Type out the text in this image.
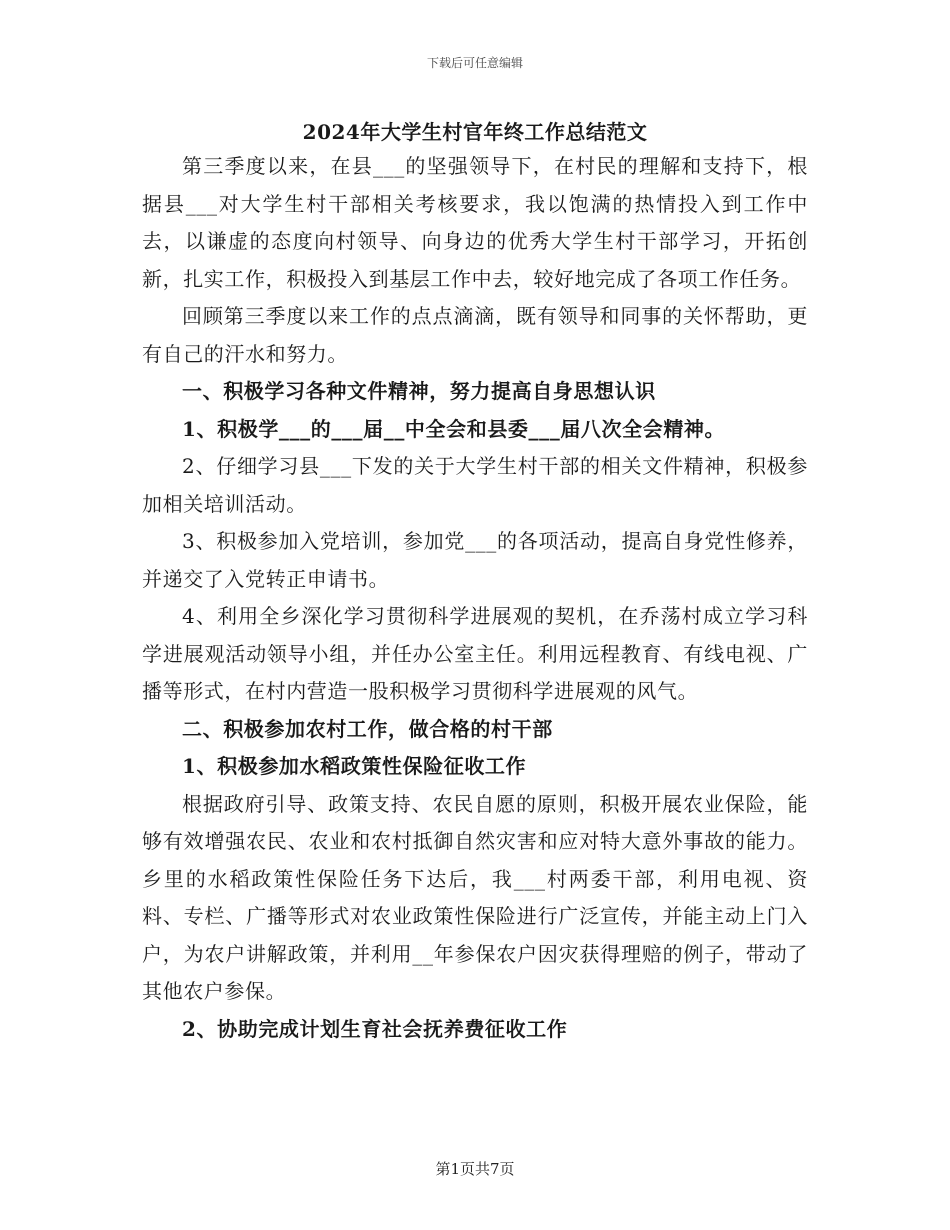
下载后可任意编辑
2024年大学生村官年终工作总结范文

第三季度以来，在县___的坚强领导下，在村民的理解和支持下，根据县___对大学生村干部相关考核要求，我以饱满的热情投入到工作中去，以谦虚的态度向村领导、向身边的优秀大学生村干部学习，开拓创新，扎实工作，积极投入到基层工作中去，较好地完成了各项工作任务。

回顾第三季度以来工作的点点滴滴，既有领导和同事的关怀帮助，更有自己的汗水和努力。

一、积极学习各种文件精神，努力提高自身思想认识

1、积极学___的___届__中全会和县委___届八次全会精神。

2、仔细学习县___下发的关于大学生村干部的相关文件精神，积极参加相关培训活动。

3、积极参加入党培训，参加党___的各项活动，提高自身党性修养，并递交了入党转正申请书。

4、利用全乡深化学习贯彻科学进展观的契机，在乔荡村成立学习科学进展观活动领导小组，并任办公室主任。利用远程教育、有线电视、广播等形式，在村内营造一股积极学习贯彻科学进展观的风气。

二、积极参加农村工作，做合格的村干部

1、积极参加水稻政策性保险征收工作

根据政府引导、政策支持、农民自愿的原则，积极开展农业保险，能够有效增强农民、农业和农村抵御自然灾害和应对特大意外事故的能力。乡里的水稻政策性保险任务下达后，我___村两委干部，利用电视、资料、专栏、广播等形式对农业政策性保险进行广泛宣传，并能主动上门入户，为农户讲解政策，并利用__年参保农户因灾获得理赔的例子，带动了其他农户参保。

2、协助完成计划生育社会抚养费征收工作

第1页共7页
